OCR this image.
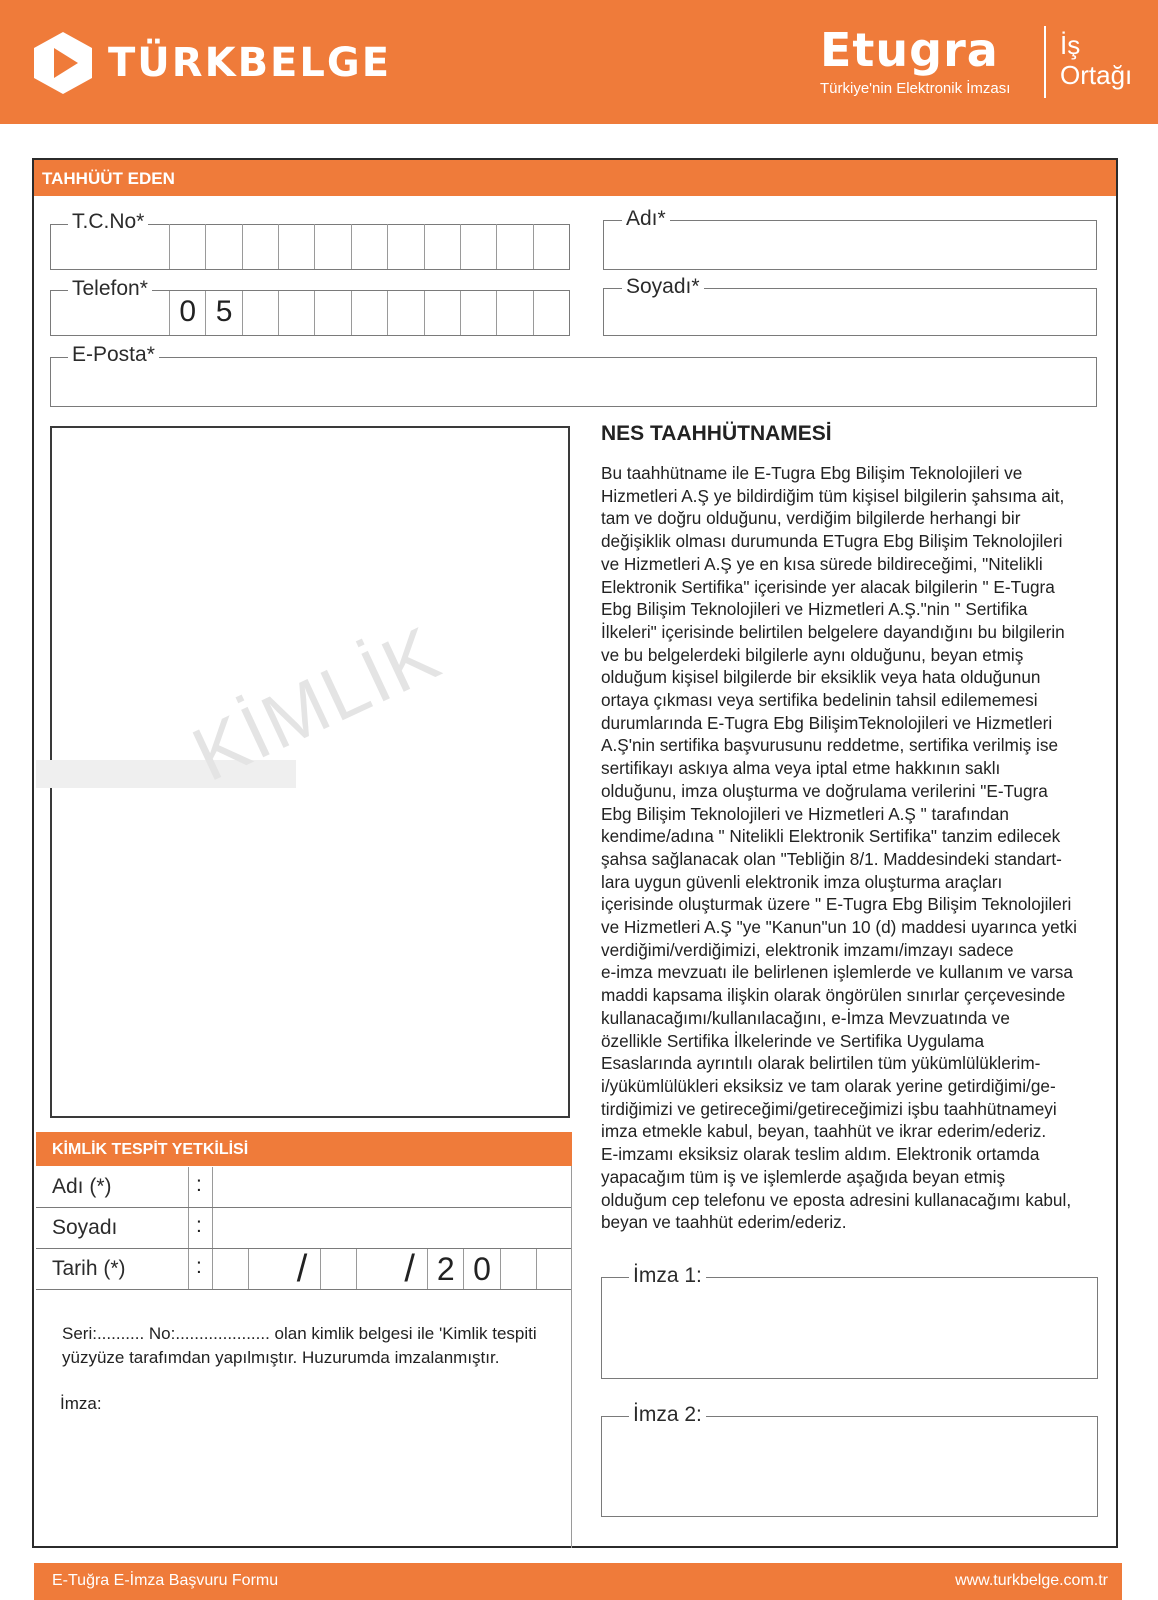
TÜRKBELGE	Etugra
Türkiye'nin Elektronik İmzası
İş
Ortağı
TAHHÜÜT EDEN
T.C.No*
0 5
Telefon*
Adı*
Soyadı*
E-Posta*
KİMLİK
NES TAAHHÜTNAMESİ
Bu taahhütname ile E-Tugra Ebg Bilişim Teknolojileri ve
Hizmetleri A.Ş ye bildirdiğim tüm kişisel bilgilerin şahsıma ait,
tam ve doğru olduğunu, verdiğim bilgilerde herhangi bir
değişiklik olması durumunda ETugra Ebg Bilişim Teknolojileri
ve Hizmetleri A.Ş ye en kısa sürede bildireceğimi, "Nitelikli
Elektronik Sertifika" içerisinde yer alacak bilgilerin " E-Tugra
Ebg Bilişim Teknolojileri ve Hizmetleri A.Ş."nin " Sertifika
İlkeleri" içerisinde belirtilen belgelere dayandığını bu bilgilerin
ve bu belgelerdeki bilgilerle aynı olduğunu, beyan etmiş
olduğum kişisel bilgilerde bir eksiklik veya hata olduğunun
ortaya çıkması veya sertifika bedelinin tahsil edilememesi
durumlarında E-Tugra Ebg BilişimTeknolojileri ve Hizmetleri
A.Ş'nin sertifika başvurusunu reddetme, sertifika verilmiş ise
sertifikayı askıya alma veya iptal etme hakkının saklı
olduğunu, imza oluşturma ve doğrulama verilerini "E-Tugra
Ebg Bilişim Teknolojileri ve Hizmetleri A.Ş " tarafından
kendime/adına " Nitelikli Elektronik Sertifika" tanzim edilecek
şahsa sağlanacak olan "Tebliğin 8/1. Maddesindeki standart-
lara uygun güvenli elektronik imza oluşturma araçları
içerisinde oluşturmak üzere " E-Tugra Ebg Bilişim Teknolojileri
ve Hizmetleri A.Ş "ye "Kanun"un 10 (d) maddesi uyarınca yetki
verdiğimi/verdiğimizi, elektronik imzamı/imzayı sadece
e-imza mevzuatı ile belirlenen işlemlerde ve kullanım ve varsa
maddi kapsama ilişkin olarak öngörülen sınırlar çerçevesinde
kullanacağımı/kullanılacağını, e-İmza Mevzuatında ve
özellikle Sertifika İlkelerinde ve Sertifika Uygulama
Esaslarında ayrıntılı olarak belirtilen tüm yükümlülüklerim-
i/yükümlülükleri eksiksiz ve tam olarak yerine getirdiğimi/ge-
tirdiğimizi ve getireceğimi/getireceğimizi işbu taahhütnameyi
imza etmekle kabul, beyan, taahhüt ve ikrar ederim/ederiz.
E-imzamı eksiksiz olarak teslim aldım. Elektronik ortamda
yapacağım tüm iş ve işlemlerde aşağıda beyan etmiş
olduğum cep telefonu ve eposta adresini kullanacağımı kabul,
beyan ve taahhüt ederim/ederiz.
KİMLİK TESPİT YETKİLİSİ
Adı (*)	:
Soyadı	:
Tarih (*)	:	/	/ 2 0
Seri:.......... No:.................... olan kimlik belgesi ile 'Kimlik tespiti
yüzyüze tarafımdan yapılmıştır. Huzurumda imzalanmıştır.
İmza:
İmza 1:
İmza 2:
E-Tuğra E-İmza Başvuru Formu	www.turkbelge.com.tr
